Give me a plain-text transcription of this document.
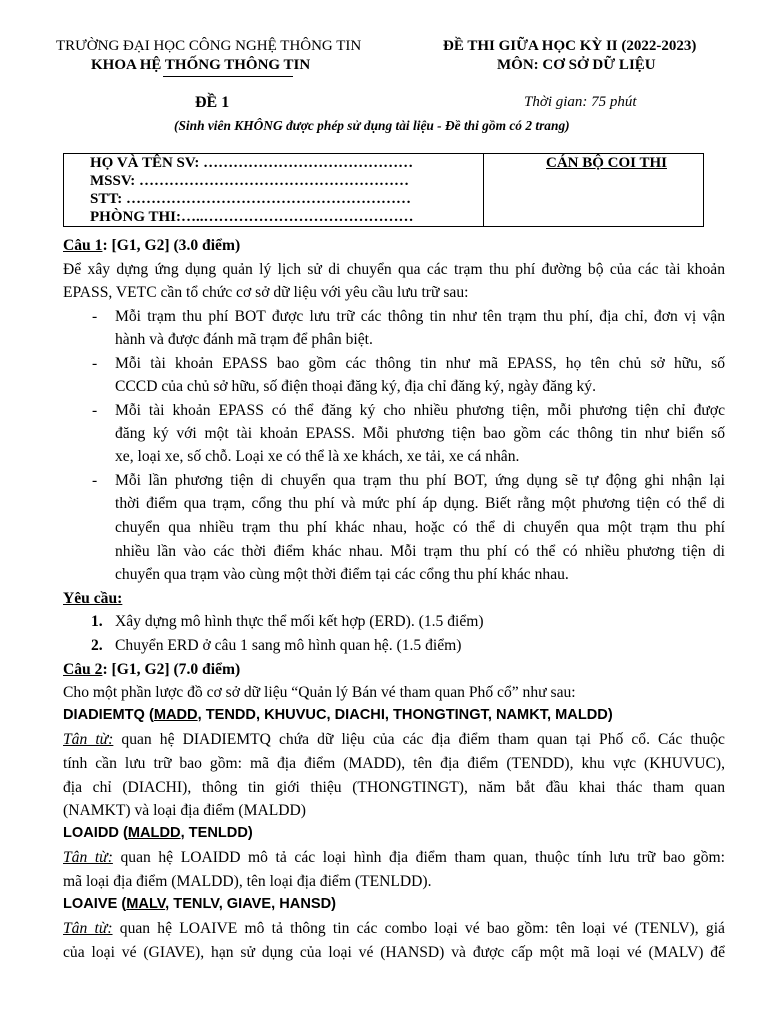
TRƯỜNG ĐẠI HỌC CÔNG NGHỆ THÔNG TIN
KHOA HỆ THỐNG THÔNG TIN
ĐỀ THI GIỮA HỌC KỲ II (2022-2023)
MÔN: CƠ SỞ DỮ LIỆU
ĐỀ 1	Thời gian: 75 phút
(Sinh viên KHÔNG được phép sử dụng tài liệu - Đề thi gồm có 2 trang)
HỌ VÀ TÊN SV: ……………………………………
MSSV: ………………………………………………
STT: …………………………………………………
PHÒNG THI:…..……………………………………
CÁN BỘ COI THI
Câu 1: [G1, G2] (3.0 điểm)
Để xây dựng ứng dụng quản lý lịch sử di chuyển qua các trạm thu phí đường bộ của các tài khoản
EPASS, VETC cần tổ chức cơ sở dữ liệu với yêu cầu lưu trữ sau:
- Mỗi trạm thu phí BOT được lưu trữ các thông tin như tên trạm thu phí, địa chỉ, đơn vị vận
hành và được đánh mã trạm để phân biệt.
- Mỗi tài khoản EPASS bao gồm các thông tin như mã EPASS, họ tên chủ sở hữu, số
CCCD của chủ sở hữu, số điện thoại đăng ký, địa chỉ đăng ký, ngày đăng ký.
- Mỗi tài khoản EPASS có thể đăng ký cho nhiều phương tiện, mỗi phương tiện chỉ được
đăng ký với một tài khoản EPASS. Mỗi phương tiện bao gồm các thông tin như biển số
xe, loại xe, số chỗ. Loại xe có thể là xe khách, xe tải, xe cá nhân.
- Mỗi lần phương tiện di chuyển qua trạm thu phí BOT, ứng dụng sẽ tự động ghi nhận lại
thời điểm qua trạm, cổng thu phí và mức phí áp dụng. Biết rằng một phương tiện có thể di
chuyển qua nhiều trạm thu phí khác nhau, hoặc có thể di chuyển qua một trạm thu phí
nhiều lần vào các thời điểm khác nhau. Mỗi trạm thu phí có thể có nhiều phương tiện di
chuyển qua trạm vào cùng một thời điểm tại các cổng thu phí khác nhau.
Yêu cầu:
1. Xây dựng mô hình thực thể mối kết hợp (ERD). (1.5 điểm)
2. Chuyển ERD ở câu 1 sang mô hình quan hệ. (1.5 điểm)
Câu 2: [G1, G2] (7.0 điểm)
Cho một phần lược đồ cơ sở dữ liệu “Quản lý Bán vé tham quan Phố cổ” như sau:
DIADIEMTQ (MADD, TENDD, KHUVUC, DIACHI, THONGTINGT, NAMKT, MALDD)
Tân từ: quan hệ DIADIEMTQ chứa dữ liệu của các địa điểm tham quan tại Phố cổ. Các thuộc
tính cần lưu trữ bao gồm: mã địa điểm (MADD), tên địa điểm (TENDD), khu vực (KHUVUC),
địa chỉ (DIACHI), thông tin giới thiệu (THONGTINGT), năm bắt đầu khai thác tham quan
(NAMKT) và loại địa điểm (MALDD)
LOAIDD (MALDD, TENLDD)
Tân từ: quan hệ LOAIDD mô tả các loại hình địa điểm tham quan, thuộc tính lưu trữ bao gồm:
mã loại địa điểm (MALDD), tên loại địa điểm (TENLDD).
LOAIVE (MALV, TENLV, GIAVE, HANSD)
Tân từ: quan hệ LOAIVE mô tả thông tin các combo loại vé bao gồm: tên loại vé (TENLV), giá
của loại vé (GIAVE), hạn sử dụng của loại vé (HANSD) và được cấp một mã loại vé (MALV) để
